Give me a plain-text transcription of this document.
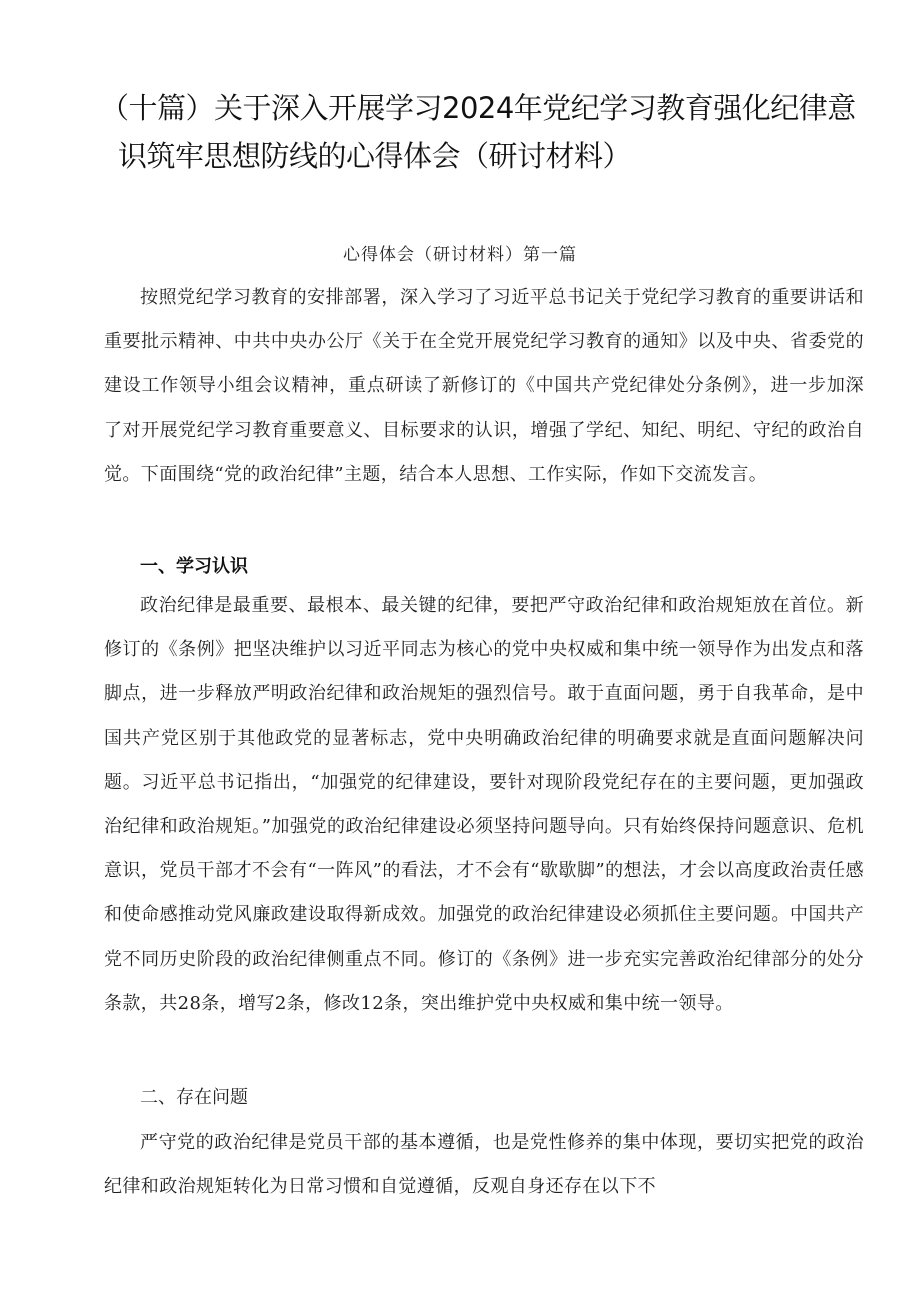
（十篇）关于深入开展学习2024年党纪学习教育强化纪律意
识筑牢思想防线的心得体会（研讨材料）
心得体会（研讨材料）第一篇

按照党纪学习教育的安排部署，深入学习了习近平总书记关于党纪学习教育的重要讲话和重要批示精神、中共中央办公厅《关于在全党开展党纪学习教育的通知》以及中央、省委党的建设工作领导小组会议精神，重点研读了新修订的《中国共产党纪律处分条例》，进一步加深了对开展党纪学习教育重要意义、目标要求的认识，增强了学纪、知纪、明纪、守纪的政治自觉。下面围绕“党的政治纪律”主题，结合本人思想、工作实际，作如下交流发言。

一、学习认识

政治纪律是最重要、最根本、最关键的纪律，要把严守政治纪律和政治规矩放在首位。新修订的《条例》把坚决维护以习近平同志为核心的党中央权威和集中统一领导作为出发点和落脚点，进一步释放严明政治纪律和政治规矩的强烈信号。敢于直面问题，勇于自我革命，是中国共产党区别于其他政党的显著标志，党中央明确政治纪律的明确要求就是直面问题解决问题。习近平总书记指出，“加强党的纪律建设，要针对现阶段党纪存在的主要问题，更加强政治纪律和政治规矩。”加强党的政治纪律建设必须坚持问题导向。只有始终保持问题意识、危机意识，党员干部才不会有“一阵风”的看法，才不会有“歇歇脚”的想法，才会以高度政治责任感和使命感推动党风廉政建设取得新成效。加强党的政治纪律建设必须抓住主要问题。中国共产党不同历史阶段的政治纪律侧重点不同。修订的《条例》进一步充实完善政治纪律部分的处分条款，共28条，增写2条，修改12条，突出维护党中央权威和集中统一领导。

二、存在问题

严守党的政治纪律是党员干部的基本遵循，也是党性修养的集中体现，要切实把党的政治纪律和政治规矩转化为日常习惯和自觉遵循，反观自身还存在以下不
